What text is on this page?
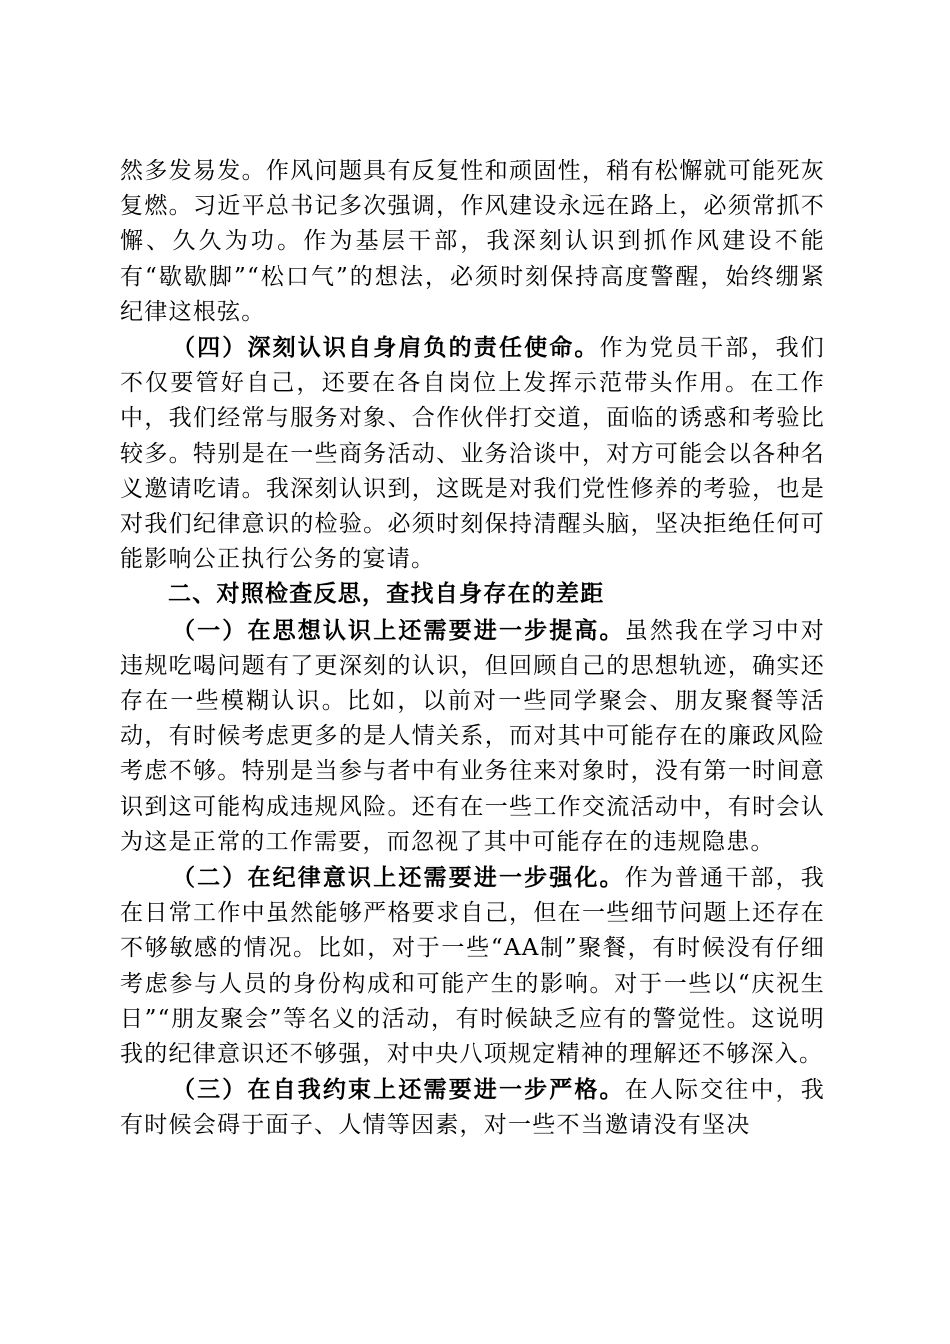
然多发易发。作风问题具有反复性和顽固性，稍有松懈就可能死灰复燃。习近平总书记多次强调，作风建设永远在路上，必须常抓不懈、久久为功。作为基层干部，我深刻认识到抓作风建设不能有“歇歇脚”“松口气”的想法，必须时刻保持高度警醒，始终绷紧纪律这根弦。

（四）深刻认识自身肩负的责任使命。作为党员干部，我们不仅要管好自己，还要在各自岗位上发挥示范带头作用。在工作中，我们经常与服务对象、合作伙伴打交道，面临的诱惑和考验比较多。特别是在一些商务活动、业务洽谈中，对方可能会以各种名义邀请吃请。我深刻认识到，这既是对我们党性修养的考验，也是对我们纪律意识的检验。必须时刻保持清醒头脑，坚决拒绝任何可能影响公正执行公务的宴请。

二、对照检查反思，查找自身存在的差距

（一）在思想认识上还需要进一步提高。虽然我在学习中对违规吃喝问题有了更深刻的认识，但回顾自己的思想轨迹，确实还存在一些模糊认识。比如，以前对一些同学聚会、朋友聚餐等活动，有时候考虑更多的是人情关系，而对其中可能存在的廉政风险考虑不够。特别是当参与者中有业务往来对象时，没有第一时间意识到这可能构成违规风险。还有在一些工作交流活动中，有时会认为这是正常的工作需要，而忽视了其中可能存在的违规隐患。

（二）在纪律意识上还需要进一步强化。作为普通干部，我在日常工作中虽然能够严格要求自己，但在一些细节问题上还存在不够敏感的情况。比如，对于一些“AA制”聚餐，有时候没有仔细考虑参与人员的身份构成和可能产生的影响。对于一些以“庆祝生日”“朋友聚会”等名义的活动，有时候缺乏应有的警觉性。这说明我的纪律意识还不够强，对中央八项规定精神的理解还不够深入。

（三）在自我约束上还需要进一步严格。在人际交往中，我有时候会碍于面子、人情等因素，对一些不当邀请没有坚决
